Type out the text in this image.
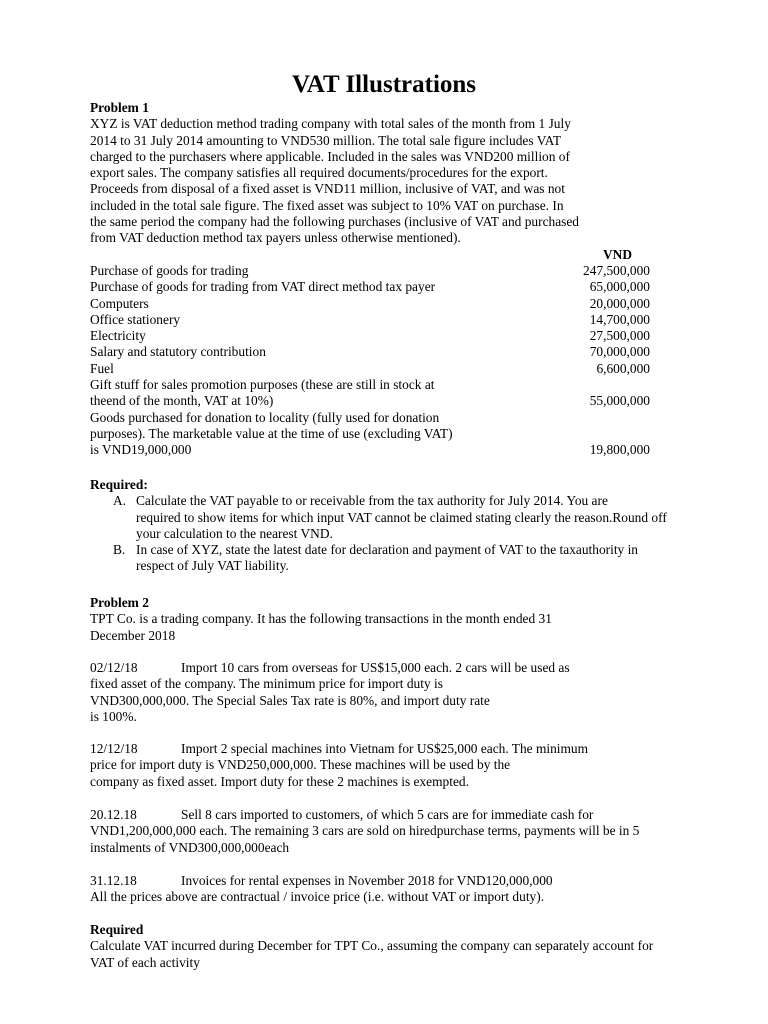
VAT Illustrations
Problem 1
XYZ is VAT deduction method trading company with total sales of the month from 1 July
2014 to 31 July 2014 amounting to VND530 million. The total sale figure includes VAT
charged to the purchasers where applicable. Included in the sales was VND200 million of
export sales. The company satisfies all required documents/procedures for the export.
Proceeds from disposal of a fixed asset is VND11 million, inclusive of VAT, and was not
included in the total sale figure. The fixed asset was subject to 10% VAT on purchase. In
the same period the company had the following purchases (inclusive of VAT and purchased
from VAT deduction method tax payers unless otherwise mentioned).
VND
Purchase of goods for trading	247,500,000
Purchase of goods for trading from VAT direct method tax payer	65,000,000
Computers	20,000,000
Office stationery	14,700,000
Electricity	27,500,000
Salary and statutory contribution	70,000,000
Fuel	6,600,000
Gift stuff for sales promotion purposes (these are still in stock at
theend of the month, VAT at 10%)	55,000,000
Goods purchased for donation to locality (fully used for donation
purposes). The marketable value at the time of use (excluding VAT)
is VND19,000,000	19,800,000
Required:
A. Calculate the VAT payable to or receivable from the tax authority for July 2014. You are
required to show items for which input VAT cannot be claimed stating clearly the reason.Round off
your calculation to the nearest VND.
B. In case of XYZ, state the latest date for declaration and payment of VAT to the taxauthority in
respect of July VAT liability.
Problem 2
TPT Co. is a trading company. It has the following transactions in the month ended 31
December 2018
02/12/18	Import 10 cars from overseas for US$15,000 each. 2 cars will be used as
fixed asset of the company. The minimum price for import duty is
VND300,000,000. The Special Sales Tax rate is 80%, and import duty rate
is 100%.
12/12/18	Import 2 special machines into Vietnam for US$25,000 each. The minimum
price for import duty is VND250,000,000. These machines will be used by the
company as fixed asset. Import duty for these 2 machines is exempted.
20.12.18	Sell 8 cars imported to customers, of which 5 cars are for immediate cash for
VND1,200,000,000 each. The remaining 3 cars are sold on hiredpurchase terms, payments will be in 5
instalments of VND300,000,000each
31.12.18	Invoices for rental expenses in November 2018 for VND120,000,000
All the prices above are contractual / invoice price (i.e. without VAT or import duty).
Required
Calculate VAT incurred during December for TPT Co., assuming the company can separately account for
VAT of each activity
